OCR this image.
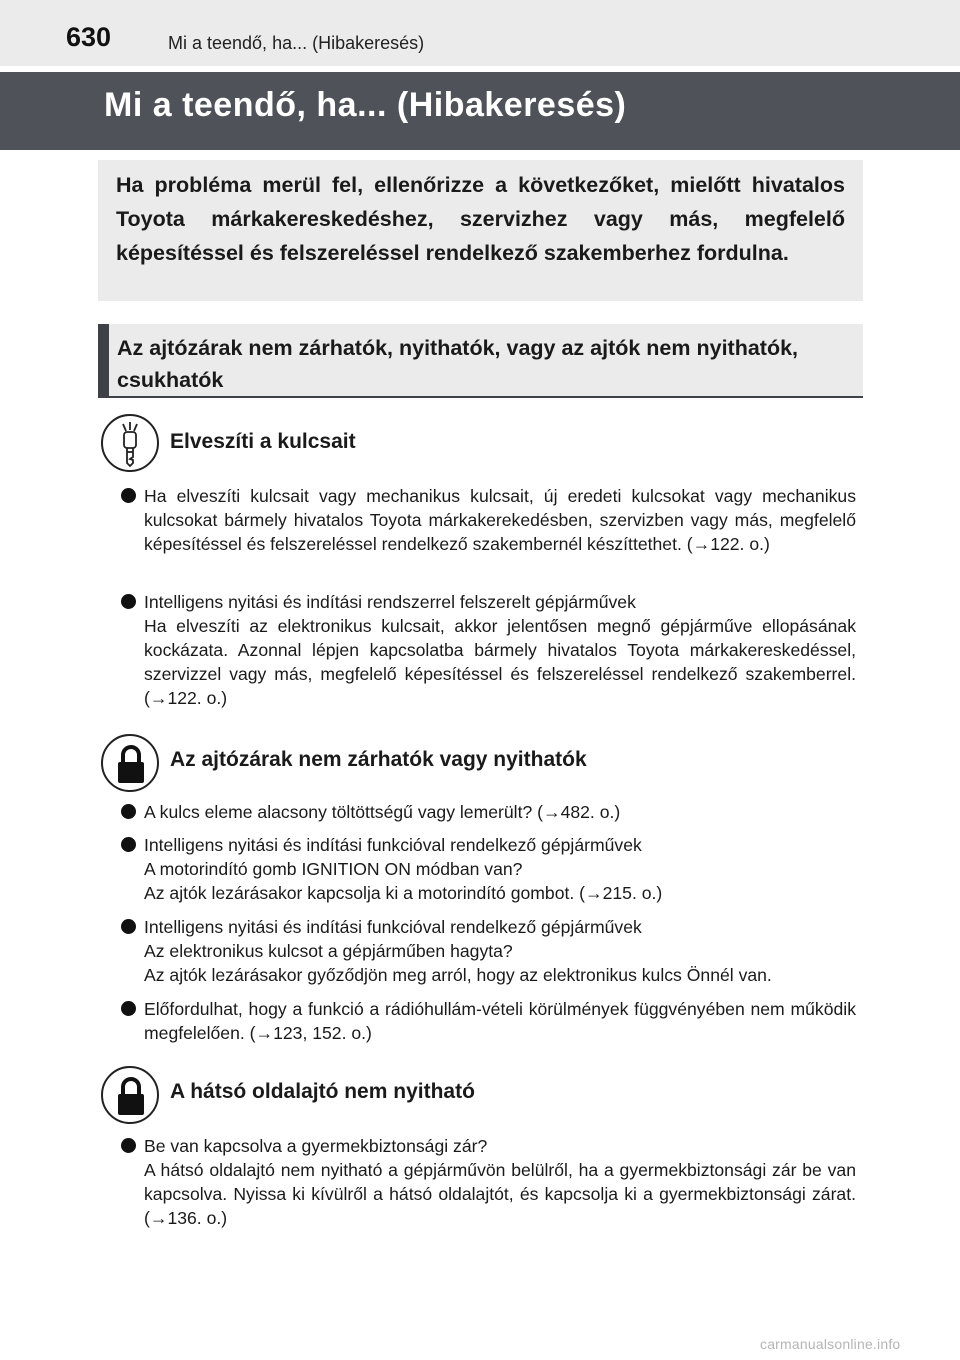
630	Mi a teendő, ha... (Hibakeresés)
Mi a teendő, ha... (Hibakeresés)
Ha probléma merül fel, ellenőrizze a következőket, mielőtt hivatalos Toyota márkakereskedéshez, szervizhez vagy más, megfelelő képesítéssel és felszereléssel rendelkező szakemberhez fordulna.
Az ajtózárak nem zárhatók, nyithatók, vagy az ajtók nem nyithatók, csukhatók
Elveszíti a kulcsait
Ha elveszíti kulcsait vagy mechanikus kulcsait, új eredeti kulcsokat vagy mechanikus kulcsokat bármely hivatalos Toyota márkakerekedésben, szervizben vagy más, megfelelő képesítéssel és felszereléssel rendelkező szakembernél készíttethet. (→122. o.)
Intelligens nyitási és indítási rendszerrel felszerelt gépjárművek
Ha elveszíti az elektronikus kulcsait, akkor jelentősen megnő gépjárműve ellopásának kockázata. Azonnal lépjen kapcsolatba bármely hivatalos Toyota márkakereskedéssel, szervizzel vagy más, megfelelő képesítéssel és felszereléssel rendelkező szakemberrel. (→122. o.)
Az ajtózárak nem zárhatók vagy nyithatók
A kulcs eleme alacsony töltöttségű vagy lemerült? (→482. o.)
Intelligens nyitási és indítási funkcióval rendelkező gépjárművek
A motorindító gomb IGNITION ON módban van?
Az ajtók lezárásakor kapcsolja ki a motorindító gombot. (→215. o.)
Intelligens nyitási és indítási funkcióval rendelkező gépjárművek
Az elektronikus kulcsot a gépjárműben hagyta?
Az ajtók lezárásakor győződjön meg arról, hogy az elektronikus kulcs Önnél van.
Előfordulhat, hogy a funkció a rádióhullám-vételi körülmények függvényében nem működik megfelelően. (→123, 152. o.)
A hátsó oldalajtó nem nyitható
Be van kapcsolva a gyermekbiztonsági zár?
A hátsó oldalajtó nem nyitható a gépjárművön belülről, ha a gyermekbiztonsági zár be van kapcsolva. Nyissa ki kívülről a hátsó oldalajtót, és kapcsolja ki a gyermekbiztonsági zárat. (→136. o.)
carmanualsonline.info
